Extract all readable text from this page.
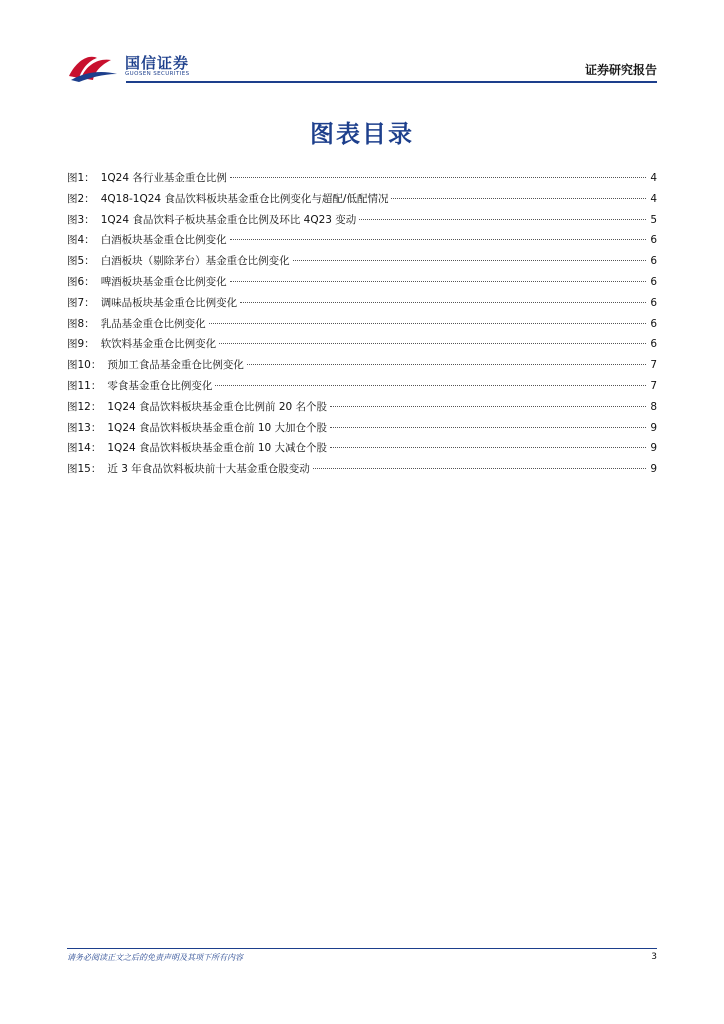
国信证券
GUOSEN SECURITIES	证券研究报告
图表目录
图1： 1Q24 各行业基金重仓比例	4
图2： 4Q18-1Q24 食品饮料板块基金重仓比例变化与超配/低配情况	4
图3： 1Q24 食品饮料子板块基金重仓比例及环比 4Q23 变动	5
图4： 白酒板块基金重仓比例变化	6
图5： 白酒板块（剔除茅台）基金重仓比例变化	6
图6： 啤酒板块基金重仓比例变化	6
图7： 调味品板块基金重仓比例变化	6
图8： 乳品基金重仓比例变化	6
图9： 软饮料基金重仓比例变化	6
图10： 预加工食品基金重仓比例变化	7
图11： 零食基金重仓比例变化	7
图12： 1Q24 食品饮料板块基金重仓比例前 20 名个股	8
图13： 1Q24 食品饮料板块基金重仓前 10 大加仓个股	9
图14： 1Q24 食品饮料板块基金重仓前 10 大减仓个股	9
图15： 近 3 年食品饮料板块前十大基金重仓股变动	9
请务必阅读正文之后的免责声明及其项下所有内容	3
